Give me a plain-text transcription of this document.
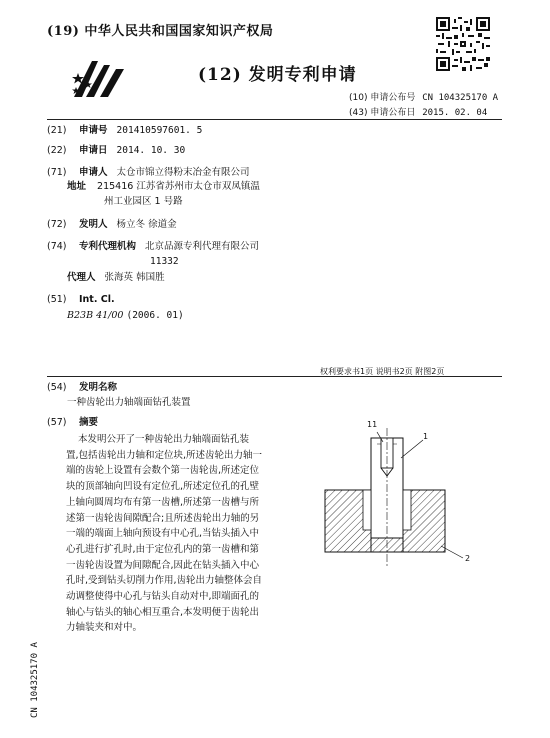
(19) 中华人民共和国国家知识产权局
(12) 发明专利申请
(10) 申请公布号 CN 104325170 A
(43) 申请公布日 2015. 02. 04
(21) 申请号 201410597601. 5
(22) 申请日 2014. 10. 30
(71) 申请人 太仓市锦立得粉末冶金有限公司
地址 215416 江苏省苏州市太仓市双凤镇温
州工业园区 1 号路
(72) 发明人 杨立冬 徐道金
(74) 专利代理机构 北京品源专利代理有限公司
11332
代理人 张海英 韩国胜
(51) Int. Cl.
B23B 41/00 (2006. 01)
权利要求书1页 说明书2页 附图2页
(54) 发明名称
一种齿轮出力轴端面钻孔装置
(57) 摘要
本发明公开了一种齿轮出力轴端面钻孔装
置,包括齿轮出力轴和定位块,所述齿轮出力轴一
端的齿轮上设置有会数个第一齿轮齿,所述定位
块的顶部轴向凹设有定位孔,所述定位孔的孔壁
上轴向圆周均布有第一齿槽,所述第一齿槽与所
述第一齿轮齿间隙配合;且所述齿轮出力轴的另
一端的端面上轴向预设有中心孔,当钻头插入中
心孔进行扩孔时,由于定位孔内的第一齿槽和第
一齿轮齿设置为间隙配合,因此在钻头插入中心
孔时,受到钻头切削力作用,齿轮出力轴整体会自
动调整使得中心孔与钻头自动对中,即端面孔的
轴心与钻头的轴心相互重合,本发明便于齿轮出
力轴装夹和对中。
11
1
2
CN 104325170 A
